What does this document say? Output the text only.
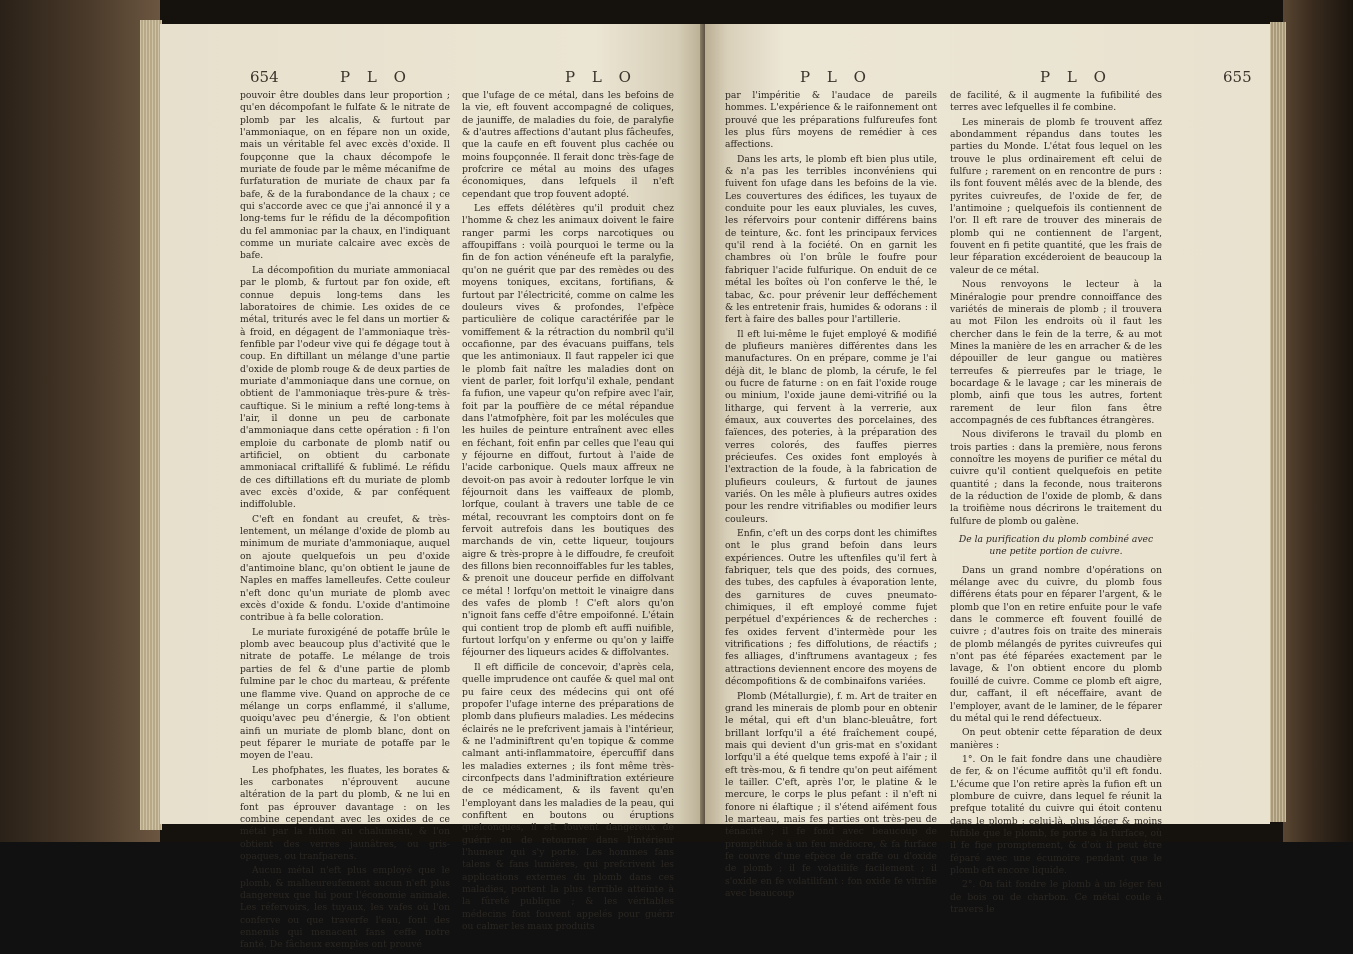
654	P L O	P L O

pouvoir être doubles dans leur proportion ; qu'en décompofant le fulfate & le nitrate de plomb par les alcalis, & furtout par l'ammoniaque, on en fépare non un oxide, mais un véritable fel avec excès d'oxide. Il foupçonne que la chaux décompofe le muriate de foude par le même mécanifme de furfaturation de muriate de chaux par fa bafe, & de la furabondance de la chaux ; ce qui s'accorde avec ce que j'ai annoncé il y a long-tems fur le réfidu de la décompofition du fel ammoniac par la chaux, en l'indiquant comme un muriate calcaire avec excès de bafe.

La décompofition du muriate ammoniacal par le plomb, & furtout par fon oxide, eft connue depuis long-tems dans les laboratoires de chimie. Les oxides de ce métal, triturés avec le fel dans un mortier & à froid, en dégagent de l'ammoniaque très-fenfible par l'odeur vive qui fe dégage tout à coup. En diftillant un mélange d'une partie d'oxide de plomb rouge & de deux parties de muriate d'ammoniaque dans une cornue, on obtient de l'ammoniaque très-pure & très-cauftique. Si le minium a refté long-tems à l'air, il donne un peu de carbonate d'ammoniaque dans cette opération : fi l'on emploie du carbonate de plomb natif ou artificiel, on obtient du carbonate ammoniacal criftallifé & fublimé. Le réfidu de ces diftillations eft du muriate de plomb avec excès d'oxide, & par conféquent indiffoluble.

C'eft en fondant au creufet, & très-lentement, un mélange d'oxide de plomb au minimum de muriate d'ammoniaque, auquel on ajoute quelquefois un peu d'oxide d'antimoine blanc, qu'on obtient le jaune de Naples en maffes lamelleufes. Cette couleur n'eft donc qu'un muriate de plomb avec excès d'oxide & fondu. L'oxide d'antimoine contribue à fa belle coloration.

Le muriate furoxigéné de potaffe brûle le plomb avec beaucoup plus d'activité que le nitrate de potaffe. Le mélange de trois parties de fel & d'une partie de plomb fulmine par le choc du marteau, & préfente une flamme vive. Quand on approche de ce mélange un corps enflammé, il s'allume, quoiqu'avec peu d'énergie, & l'on obtient ainfi un muriate de plomb blanc, dont on peut féparer le muriate de potaffe par le moyen de l'eau.

Les phofphates, les fluates, les borates & les carbonates n'éprouvent aucune altération de la part du plomb, & ne lui en font pas éprouver davantage : on les combine cependant avec les oxides de ce métal par la fufion au chalumeau, & l'on obtient des verres jaunâtres, ou gris-opaques, ou tranfparens.

Aucun métal n'eft plus employé que le plomb, & malheureufement aucun n'eft plus dangereux que lui pour l'économie animale. Les réfervoirs, les tuyaux, les vafes où l'on conferve ou que traverfe l'eau, font des ennemis qui menacent fans ceffe notre fanté. De fâcheux exemples ont prouvé

que l'ufage de ce métal, dans les befoins de la vie, eft fouvent accompagné de coliques, de jauniffe, de maladies du foie, de paralyfie & d'autres affections d'autant plus fâcheufes, que la caufe en eft fouvent plus cachée ou moins foupçonnée. Il ferait donc très-fage de profcrire ce métal au moins des ufages économiques, dans lefquels il n'eft cependant que trop fouvent adopté.

Les effets délétères qu'il produit chez l'homme & chez les animaux doivent le faire ranger parmi les corps narcotiques ou affoupiffans : voilà pourquoi le terme ou la fin de fon action vénéneufe eft la paralyfie, qu'on ne guérit que par des remèdes ou des moyens toniques, excitans, fortifians, & furtout par l'électricité, comme on calme les douleurs vives & profondes, l'efpèce particulière de colique caractérifée par le vomiffement & la rétraction du nombril qu'il occafionne, par des évacuans puiffans, tels que les antimoniaux. Il faut rappeler ici que le plomb fait naître les maladies dont on vient de parler, foit lorfqu'il exhale, pendant fa fufion, une vapeur qu'on refpire avec l'air, foit par la pouffière de ce métal répandue dans l'atmofphère, foit par les molécules que les huiles de peinture entraînent avec elles en féchant, foit enfin par celles que l'eau qui y féjourne en diffout, furtout à l'aide de l'acide carbonique. Quels maux affreux ne devoit-on pas avoir à redouter lorfque le vin féjournoit dans les vaiffeaux de plomb, lorfque, coulant à travers une table de ce métal, recouvrant les comptoirs dont on fe fervoit autrefois dans les boutiques des marchands de vin, cette liqueur, toujours aigre & très-propre à le diffoudre, fe creufoit des fillons bien reconnoiffables fur les tables, & prenoit une douceur perfide en diffolvant ce métal ! lorfqu'on mettoit le vinaigre dans des vafes de plomb ! C'eft alors qu'on n'ignoit fans ceffe d'être empoifonné. L'étain qui contient trop de plomb eft auffi nuifible, furtout lorfqu'on y enferme ou qu'on y laiffe féjourner des liqueurs acides & diffolvantes.

Il eft difficile de concevoir, d'après cela, quelle imprudence ont caufée & quel mal ont pu faire ceux des médecins qui ont ofé propofer l'ufage interne des préparations de plomb dans plufieurs maladies. Les médecins éclairés ne le prefcrivent jamais à l'intérieur, & ne l'adminiftrent qu'en topique & comme calmant anti-inflammatoire, épercuffif dans les maladies externes ; ils font même très-circonfpects dans l'adminiftration extérieure de ce médicament, & ils favent qu'en l'employant dans les maladies de la peau, qui confiftent en boutons ou éruptions quelconques, il eft fouvent dangereux de guérir ou de retourner dans l'intérieur l'humeur qui s'y porte. Les hommes fans talens & fans lumières, qui prefcrivent les applications externes du plomb dans ces maladies, portent la plus terrible atteinte à la fûreté publique ; & les véritables médecins font fouvent appelés pour guérir ou calmer les maux produits

P L O	P L O	655

par l'impéritie & l'audace de pareils hommes. L'expérience & le raifonnement ont prouvé que les préparations fulfureufes font les plus fûrs moyens de remédier à ces affections.

Dans les arts, le plomb eft bien plus utile, & n'a pas les terribles inconvéniens qui fuivent fon ufage dans les befoins de la vie. Les couvertures des édifices, les tuyaux de conduite pour les eaux pluviales, les cuves, les réfervoirs pour contenir différens bains de teinture, &c. font les principaux fervices qu'il rend à la fociété. On en garnit les chambres où l'on brûle le foufre pour fabriquer l'acide fulfurique. On enduit de ce métal les boîtes où l'on conferve le thé, le tabac, &c. pour prévenir leur defféchement & les entretenir frais, humides & odorans : il fert à faire des balles pour l'artillerie.

Il eft lui-même le fujet employé & modifié de plufieurs manières différentes dans les manufactures. On en prépare, comme je l'ai déjà dit, le blanc de plomb, la cérufe, le fel ou fucre de faturne : on en fait l'oxide rouge ou minium, l'oxide jaune demi-vitrifié ou la litharge, qui fervent à la verrerie, aux émaux, aux couvertes des porcelaines, des faïences, des poteries, à la préparation des verres colorés, des fauffes pierres précieufes. Ces oxides font employés à l'extraction de la foude, à la fabrication de plufieurs couleurs, & furtout de jaunes variés. On les mêle à plufieurs autres oxides pour les rendre vitrifiables ou modifier leurs couleurs.

Enfin, c'eft un des corps dont les chimiftes ont le plus grand befoin dans leurs expériences. Outre les uftenfiles qu'il fert à fabriquer, tels que des poids, des cornues, des tubes, des capfules à évaporation lente, des garnitures de cuves pneumato-chimiques, il eft employé comme fujet perpétuel d'expériences & de recherches : fes oxides fervent d'intermède pour les vitrifications ; fes diffolutions, de réactifs ; fes alliages, d'inftrumens avantageux ; fes attractions deviennent encore des moyens de décompofitions & de combinaifons variées.

Plomb (Métallurgie), f. m. Art de traiter en grand les minerais de plomb pour en obtenir le métal, qui eft d'un blanc-bleuâtre, fort brillant lorfqu'il a été fraîchement coupé, mais qui devient d'un gris-mat en s'oxidant lorfqu'il a été quelque tems expofé à l'air ; il eft très-mou, & fi tendre qu'on peut aifément le tailler. C'eft, après l'or, le platine & le mercure, le corps le plus pefant : il n'eft ni fonore ni élaftique ; il s'étend aifément fous le marteau, mais fes parties ont très-peu de ténacité ; il fe fond avec beaucoup de promptitude à un feu médiocre, & fa furface fe couvre d'une efpèce de craffe ou d'oxide de plomb ; il fe volatilife facilement ; il s'oxide en fe volatilifant : fon oxide fe vitrifie avec beaucoup

de facilité, & il augmente la fufibilité des terres avec lefquelles il fe combine.

Les minerais de plomb fe trouvent affez abondamment répandus dans toutes les parties du Monde. L'état fous lequel on les trouve le plus ordinairement eft celui de fulfure ; rarement on en rencontre de purs : ils font fouvent mêlés avec de la blende, des pyrites cuivreufes, de l'oxide de fer, de l'antimoine ; quelquefois ils contiennent de l'or. Il eft rare de trouver des minerais de plomb qui ne contiennent de l'argent, fouvent en fi petite quantité, que les frais de leur féparation excéderoient de beaucoup la valeur de ce métal.

Nous renvoyons le lecteur à la Minéralogie pour prendre connoiffance des variétés de minerais de plomb ; il trouvera au mot Filon les endroits où il faut les chercher dans le fein de la terre, & au mot Mines la manière de les en arracher & de les dépouiller de leur gangue ou matières terreufes & pierreufes par le triage, le bocardage & le lavage ; car les minerais de plomb, ainfi que tous les autres, fortent rarement de leur filon fans être accompagnés de ces fubftances étrangères.

Nous diviferons le travail du plomb en trois parties : dans la première, nous ferons connoître les moyens de purifier ce métal du cuivre qu'il contient quelquefois en petite quantité ; dans la feconde, nous traiterons de la réduction de l'oxide de plomb, & dans la troifième nous décrirons le traitement du fulfure de plomb ou galène.

De la purification du plomb combiné avec une petite portion de cuivre.

Dans un grand nombre d'opérations on mélange avec du cuivre, du plomb fous différens états pour en féparer l'argent, & le plomb que l'on en retire enfuite pour le vafe dans le commerce eft fouvent fouillé de cuivre ; d'autres fois on traite des minerais de plomb mélangés de pyrites cuivreufes qui n'ont pas été féparées exactement par le lavage, & l'on obtient encore du plomb fouillé de cuivre. Comme ce plomb eft aigre, dur, caffant, il eft néceffaire, avant de l'employer, avant de le laminer, de le féparer du métal qui le rend défectueux.

On peut obtenir cette féparation de deux manières :

1°. On le fait fondre dans une chaudière de fer, & on l'écume auffitôt qu'il eft fondu. L'écume que l'on retire après la fufion eft un plombure de cuivre, dans lequel fe réunit la prefque totalité du cuivre qui étoit contenu dans le plomb ; celui-là, plus léger & moins fufible que le plomb, fe porte à la furface, où il fe fige promptement, & d'où il peut être féparé avec une écumoire pendant que le plomb eft encore liquide.

2°. On fait fondre le plomb à un léger feu de bois ou de charbon. Ce métal coule à travers le
